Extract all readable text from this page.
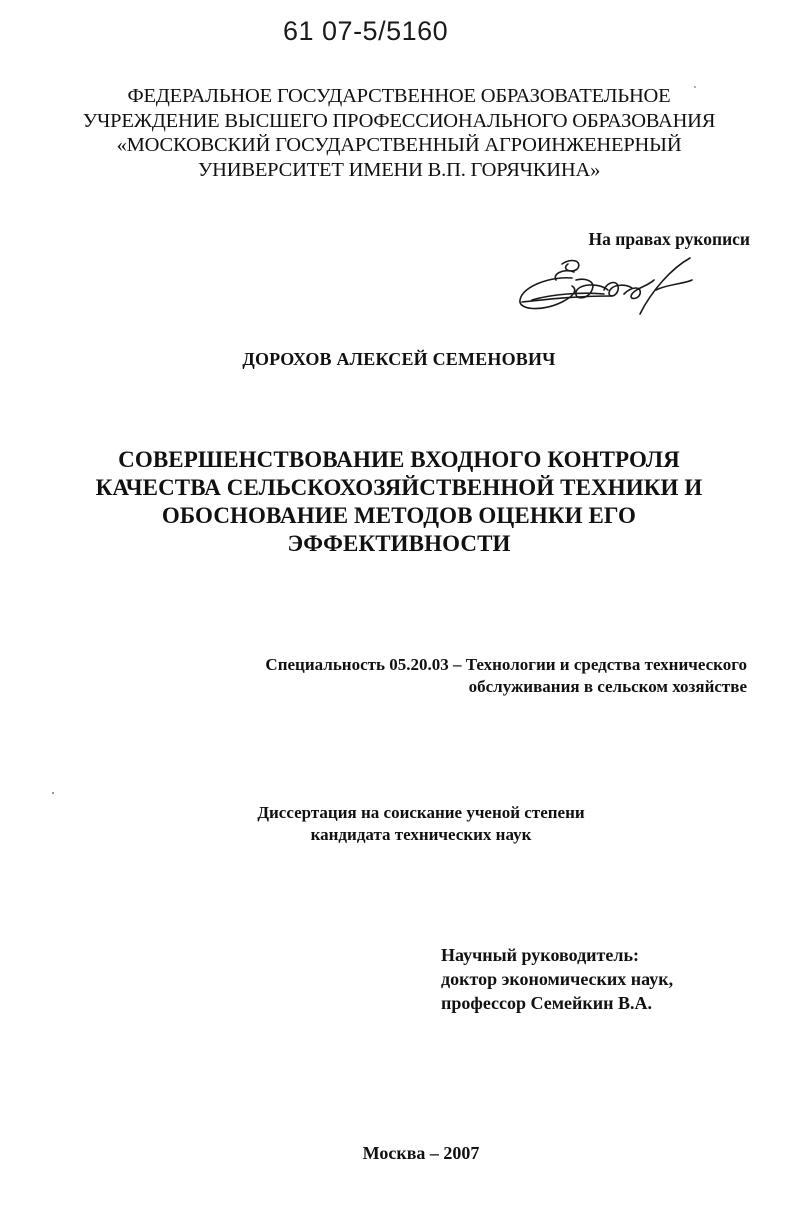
61 07-5/5160
ФЕДЕРАЛЬНОЕ ГОСУДАРСТВЕННОЕ ОБРАЗОВАТЕЛЬНОЕ
УЧРЕЖДЕНИЕ ВЫСШЕГО ПРОФЕССИОНАЛЬНОГО ОБРАЗОВАНИЯ
«МОСКОВСКИЙ ГОСУДАРСТВЕННЫЙ АГРОИНЖЕНЕРНЫЙ
УНИВЕРСИТЕТ ИМЕНИ В.П. ГОРЯЧКИНА»
На правах рукописи
ДОРОХОВ АЛЕКСЕЙ СЕМЕНОВИЧ
СОВЕРШЕНСТВОВАНИЕ ВХОДНОГО КОНТРОЛЯ
КАЧЕСТВА СЕЛЬСКОХОЗЯЙСТВЕННОЙ ТЕХНИКИ И
ОБОСНОВАНИЕ МЕТОДОВ ОЦЕНКИ ЕГО
ЭФФЕКТИВНОСТИ
Специальность 05.20.03 – Технологии и средства технического
обслуживания в сельском хозяйстве
Диссертация на соискание ученой степени
кандидата технических наук
Научный руководитель:
доктор экономических наук,
профессор Семейкин В.А.
Москва – 2007
